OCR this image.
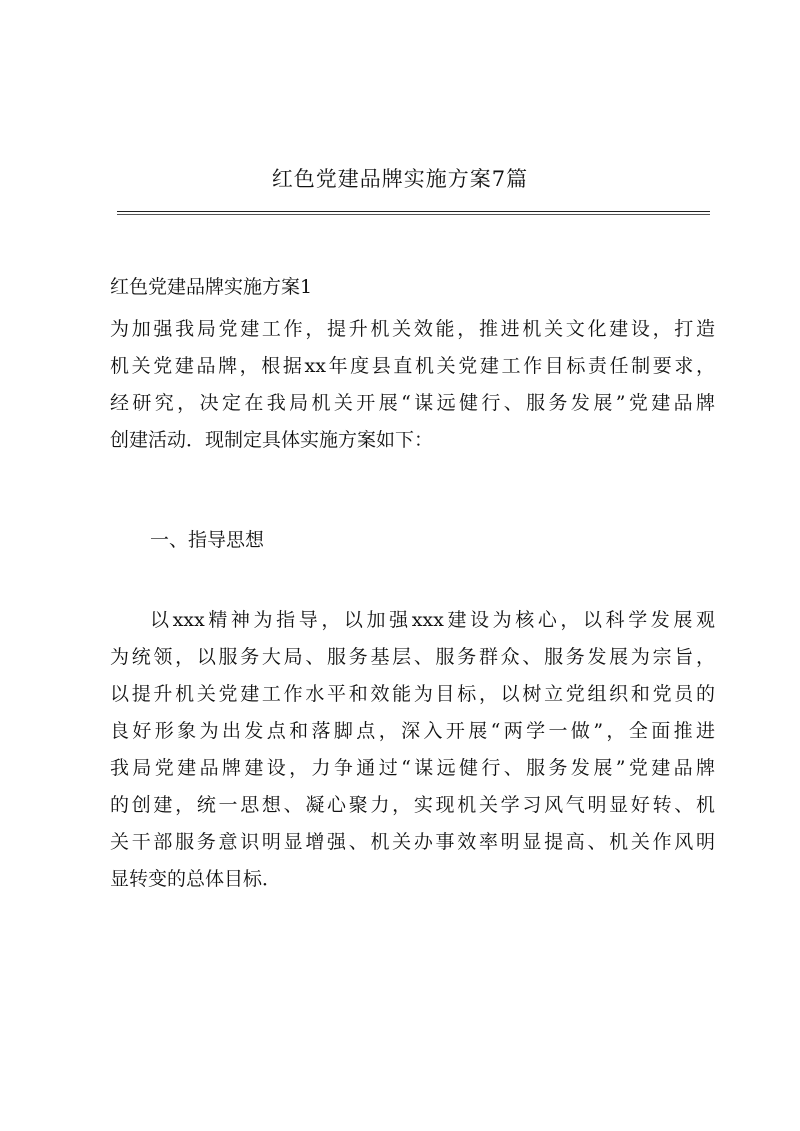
红色党建品牌实施方案7篇
红色党建品牌实施方案1
为加强我局党建工作，提升机关效能，推进机关文化建设，打造
机关党建品牌，根据xx年度县直机关党建工作目标责任制要求，
经研究，决定在我局机关开展“谋远健行、服务发展”党建品牌
创建活动．现制定具体实施方案如下：
一、指导思想
以xxx精神为指导，以加强xxx建设为核心，以科学发展观
为统领，以服务大局、服务基层、服务群众、服务发展为宗旨，
以提升机关党建工作水平和效能为目标，以树立党组织和党员的
良好形象为出发点和落脚点，深入开展“两学一做”，全面推进
我局党建品牌建设，力争通过“谋远健行、服务发展”党建品牌
的创建，统一思想、凝心聚力，实现机关学习风气明显好转、机
关干部服务意识明显增强、机关办事效率明显提高、机关作风明
显转变的总体目标．
